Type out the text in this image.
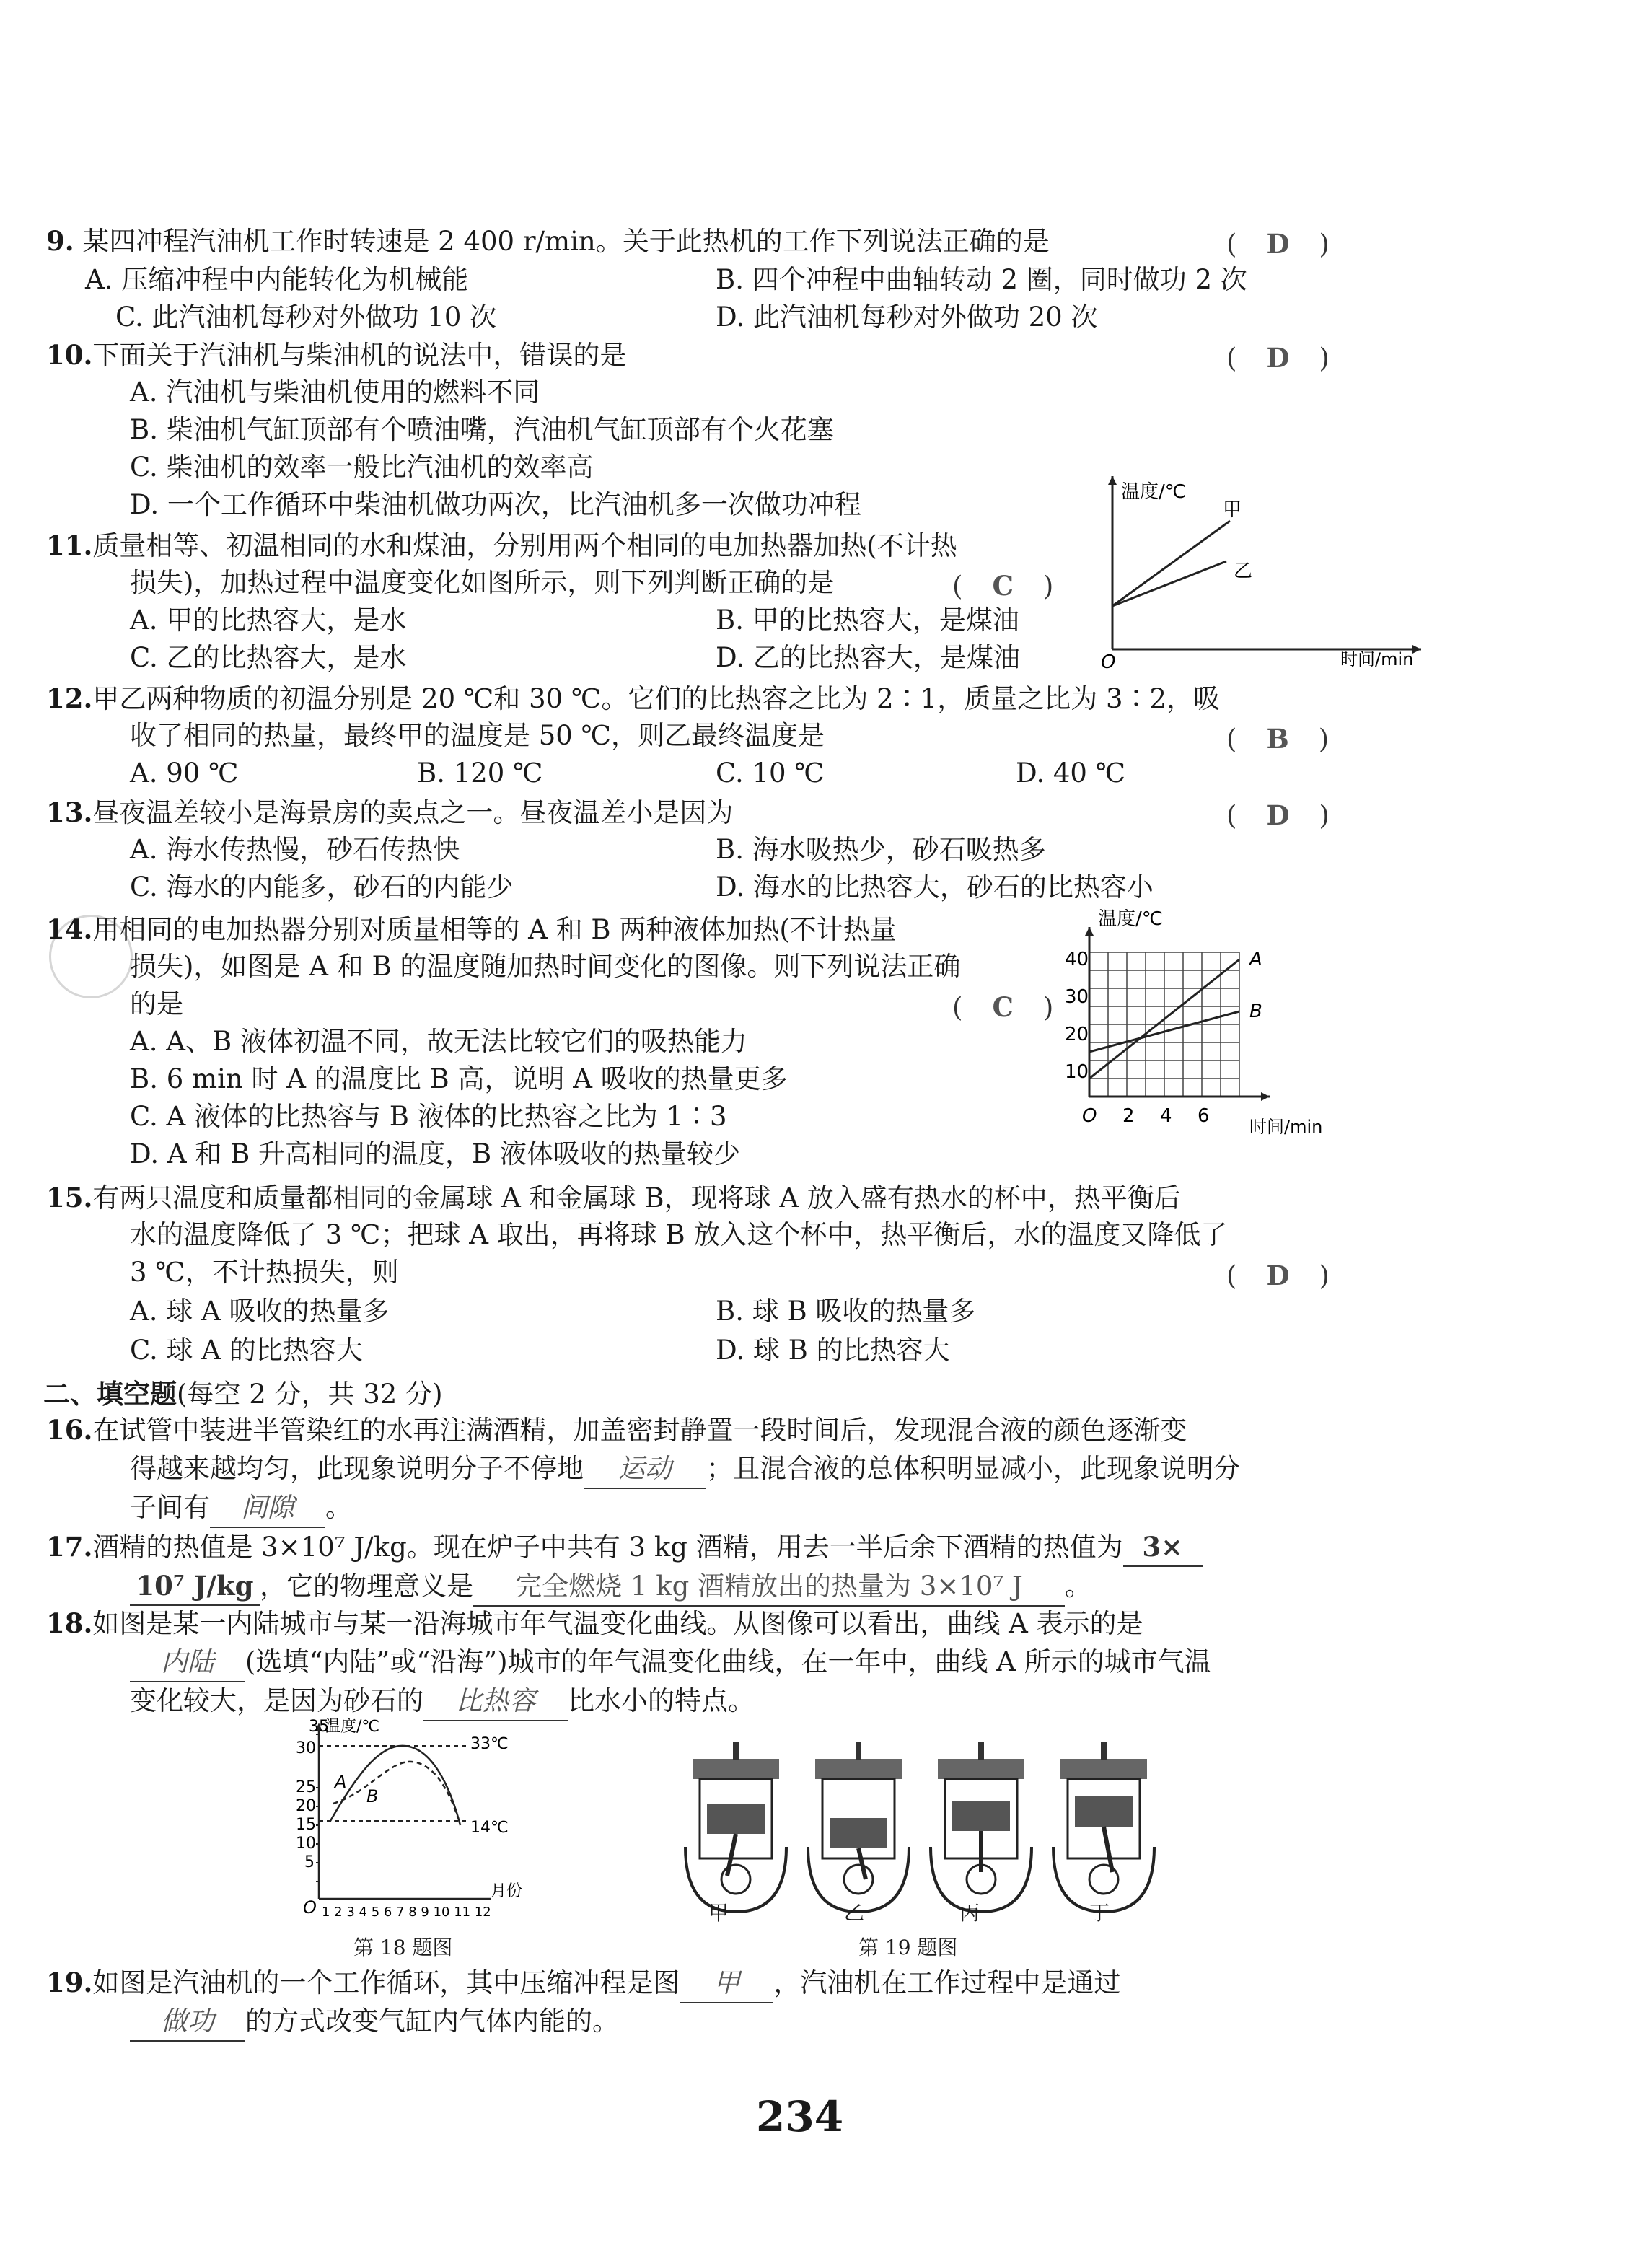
9. 某四冲程汽油机工作时转速是 2 400 r/min。关于此热机的工作下列说法正确的是	(　D　)
A. 压缩冲程中内能转化为机械能	B. 四个冲程中曲轴转动 2 圈，同时做功 2 次
C. 此汽油机每秒对外做功 10 次	D. 此汽油机每秒对外做功 20 次
10.下面关于汽油机与柴油机的说法中，错误的是	(　D　)
A. 汽油机与柴油机使用的燃料不同
B. 柴油机气缸顶部有个喷油嘴，汽油机气缸顶部有个火花塞
C. 柴油机的效率一般比汽油机的效率高
D. 一个工作循环中柴油机做功两次，比汽油机多一次做功冲程	温度/℃
甲
乙
O	时间/min
11.质量相等、初温相同的水和煤油，分别用两个相同的电加热器加热(不计热
损失)，加热过程中温度变化如图所示，则下列判断正确的是	(　C　)
A. 甲的比热容大，是水	B. 甲的比热容大，是煤油
C. 乙的比热容大，是水	D. 乙的比热容大，是煤油
12.甲乙两种物质的初温分别是 20 ℃和 30 ℃。它们的比热容之比为 2∶1，质量之比为 3∶2，吸
收了相同的热量，最终甲的温度是 50 ℃，则乙最终温度是	(　B　)
A. 90 ℃	B. 120 ℃	C. 10 ℃	D. 40 ℃
13.昼夜温差较小是海景房的卖点之一。昼夜温差小是因为	(　D　)
A. 海水传热慢，砂石传热快	B. 海水吸热少，砂石吸热多
C. 海水的内能多，砂石的内能少	D. 海水的比热容大，砂石的比热容小
温度/℃
40
30
20
10
O 2 4 6
A
B
时间/min
14.用相同的电加热器分别对质量相等的 A 和 B 两种液体加热(不计热量
损失)，如图是 A 和 B 的温度随加热时间变化的图像。则下列说法正确
的是	(　C　)
A. A、B 液体初温不同，故无法比较它们的吸热能力
B. 6 min 时 A 的温度比 B 高，说明 A 吸收的热量更多
C. A 液体的比热容与 B 液体的比热容之比为 1∶3
D. A 和 B 升高相同的温度，B 液体吸收的热量较少
15.有两只温度和质量都相同的金属球 A 和金属球 B，现将球 A 放入盛有热水的杯中，热平衡后
水的温度降低了 3 ℃；把球 A 取出，再将球 B 放入这个杯中，热平衡后，水的温度又降低了
3 ℃，不计热损失，则	(　D　)
A. 球 A 吸收的热量多	B. 球 B 吸收的热量多
C. 球 A 的比热容大	D. 球 B 的比热容大
二、填空题(每空 2 分，共 32 分)
16.在试管中装进半管染红的水再注满酒精，加盖密封静置一段时间后，发现混合液的颜色逐渐变
得越来越均匀，此现象说明分子不停地 运动 ；且混合液的总体积明显减小，此现象说明分
子间有 间隙 。
17.酒精的热值是 3×10⁷ J/kg。现在炉子中共有 3 kg 酒精，用去一半后余下酒精的热值为 3×
10⁷ J/kg ，它的物理意义是 完全燃烧 1 kg 酒精放出的热量为 3×10⁷ J 。
18.如图是某一内陆城市与某一沿海城市年气温变化曲线。从图像可以看出，曲线 A 表示的是
内陆 (选填“内陆”或“沿海”)城市的年气温变化曲线，在一年中，曲线 A 所示的城市气温
变化较大，是因为砂石的 比热容 比水小的特点。
35
温度/℃
30
25
20
15
10
5
O 1 2 3 4 5 6 7 8 9 10 11 12
月份
33℃
14℃
A
B
第 18 题图
甲	乙	丙	丁
第 19 题图
19.如图是汽油机的一个工作循环，其中压缩冲程是图 甲 ，汽油机在工作过程中是通过
做功 的方式改变气缸内气体内能的。
234
